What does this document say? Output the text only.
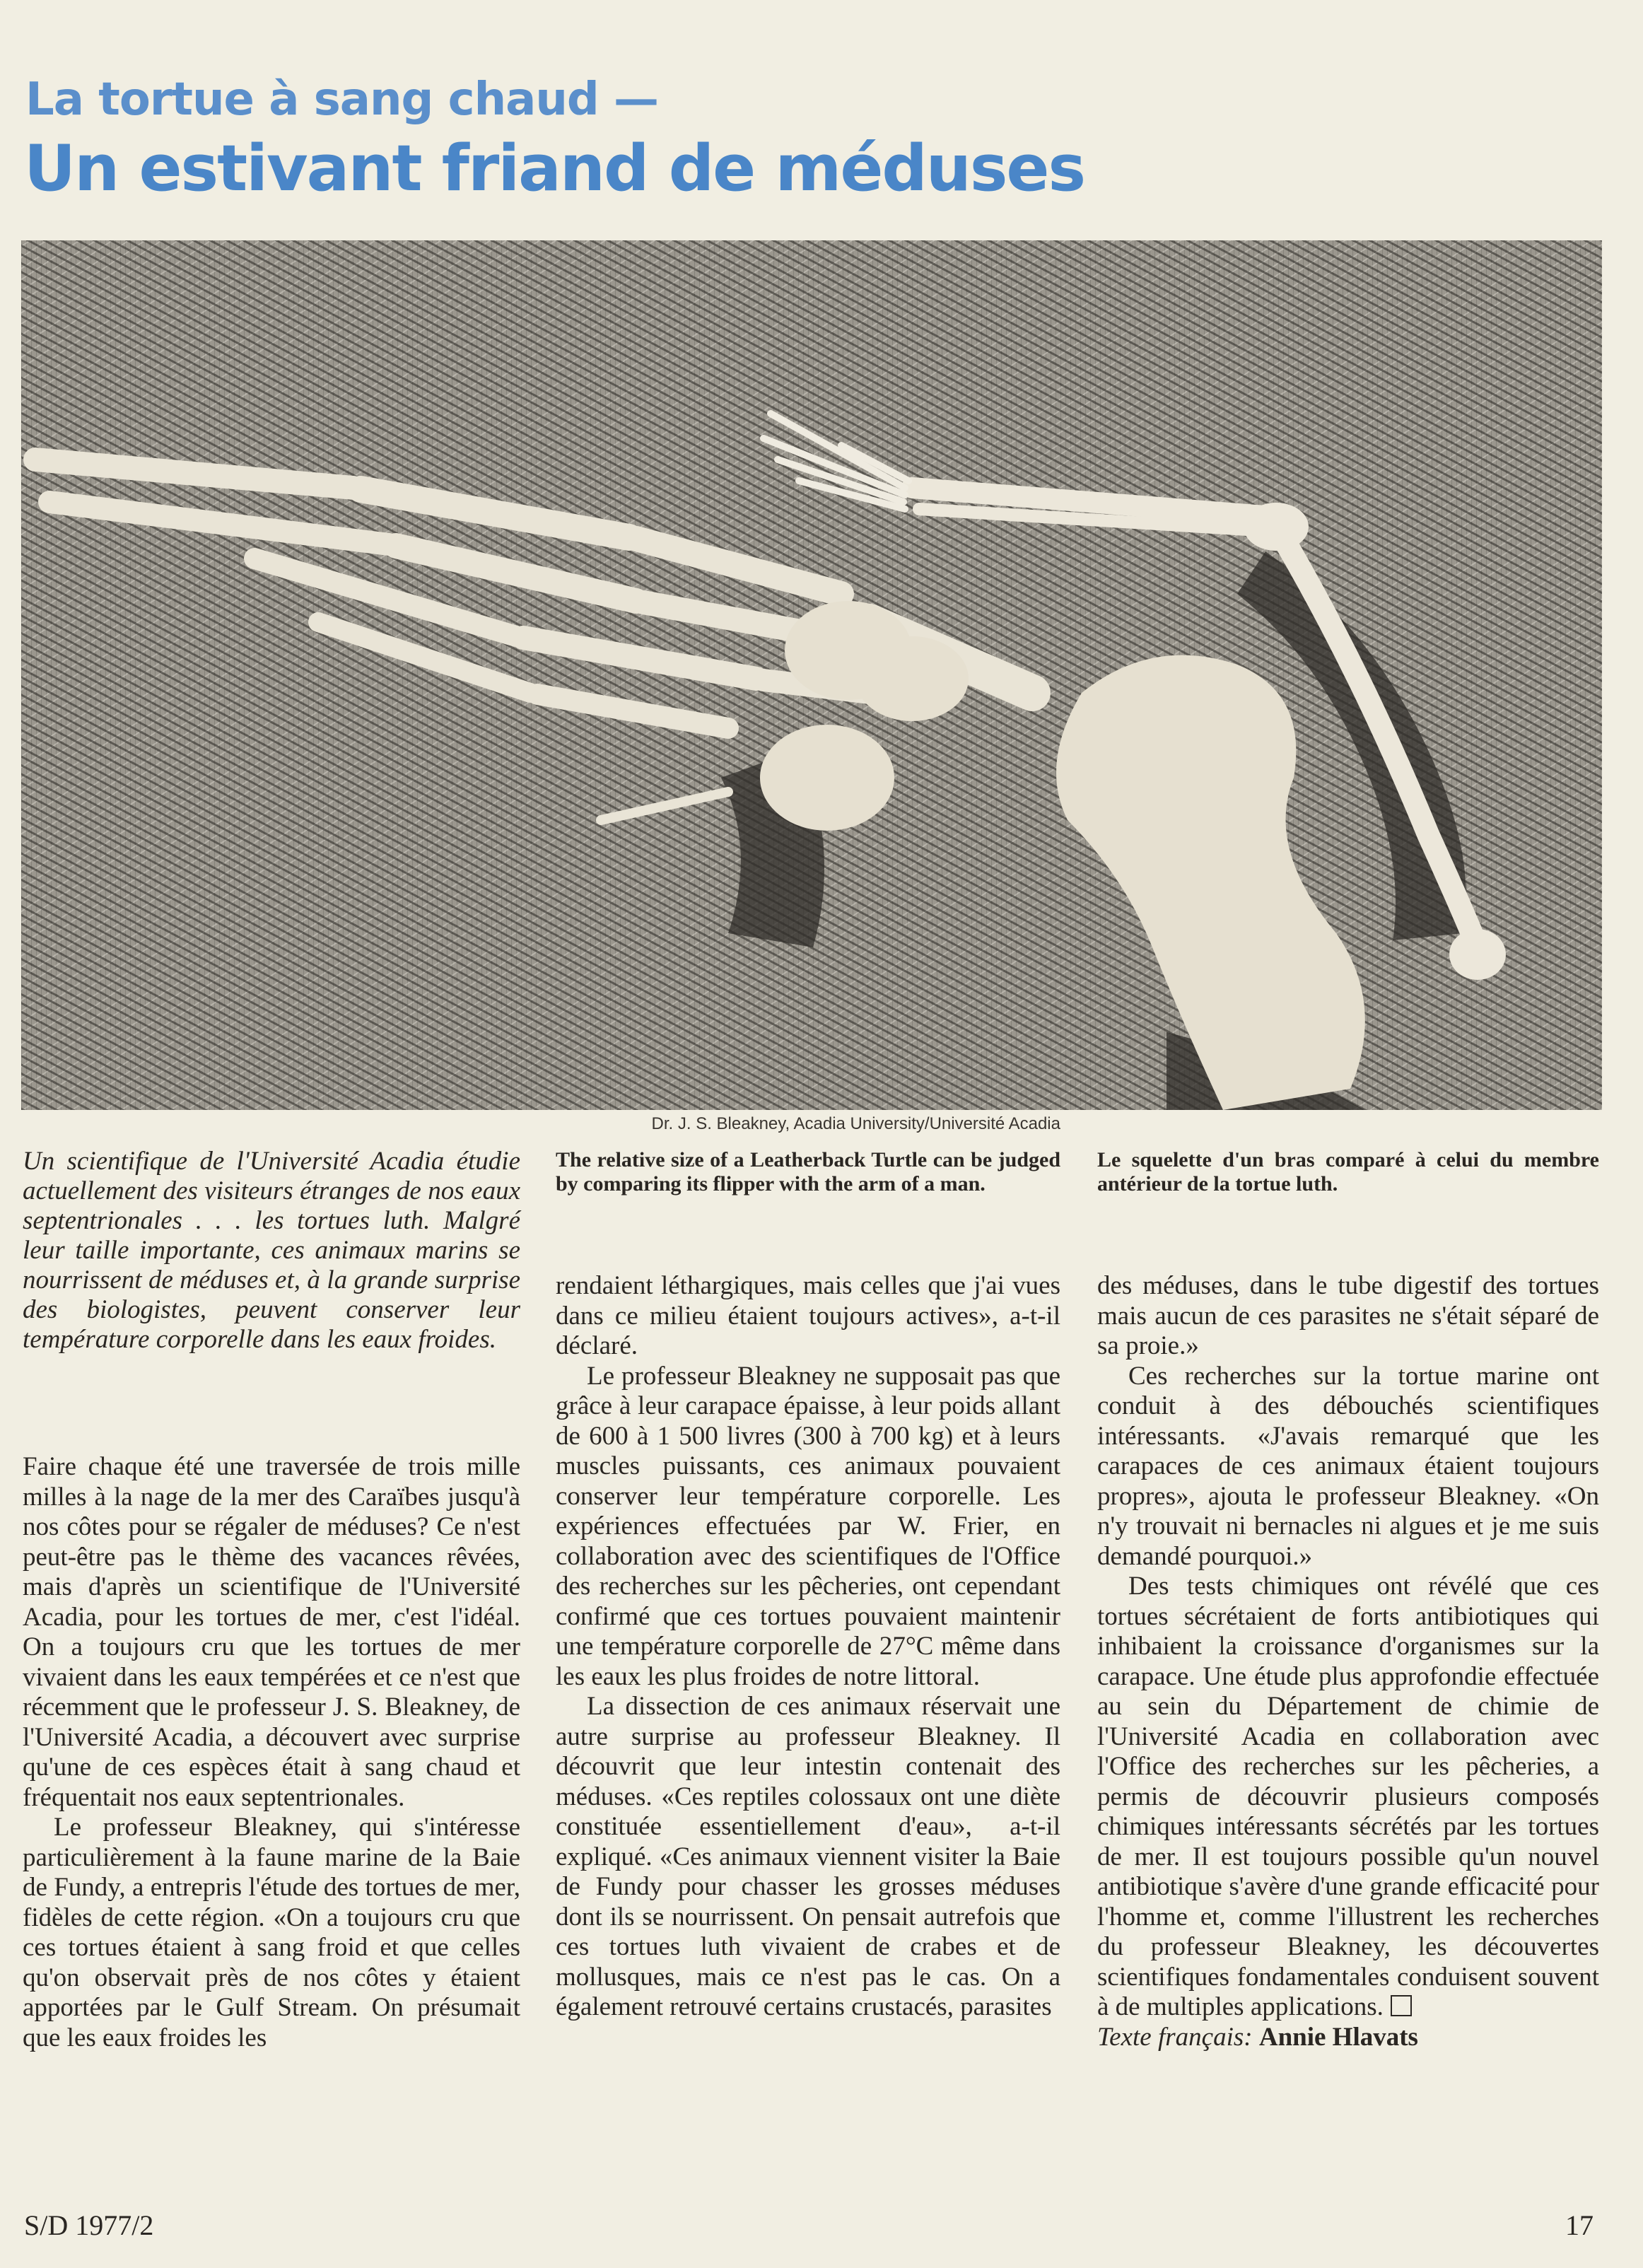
La tortue à sang chaud —
Un estivant friand de méduses
Dr. J. S. Bleakney, Acadia University/Université Acadia

The relative size of a Leatherback Turtle can be judged by comparing its flipper with the arm of a man.

Le squelette d'un bras comparé à celui du membre antérieur de la tortue luth.

Un scientifique de l'Université Acadia étudie actuellement des visiteurs étranges de nos eaux septentrionales . . . les tortues luth. Malgré leur taille importante, ces animaux marins se nourrissent de méduses et, à la grande surprise des biologistes, peuvent conserver leur température corporelle dans les eaux froides.

Faire chaque été une traversée de trois mille milles à la nage de la mer des Caraïbes jusqu'à nos côtes pour se régaler de méduses? Ce n'est peut-être pas le thème des vacances rêvées, mais d'après un scientifique de l'Université Acadia, pour les tortues de mer, c'est l'idéal. On a toujours cru que les tortues de mer vivaient dans les eaux tempérées et ce n'est que récemment que le professeur J. S. Bleakney, de l'Université Acadia, a découvert avec surprise qu'une de ces espèces était à sang chaud et fréquentait nos eaux septentrionales.

Le professeur Bleakney, qui s'intéresse particulièrement à la faune marine de la Baie de Fundy, a entrepris l'étude des tortues de mer, fidèles de cette région. «On a toujours cru que ces tortues étaient à sang froid et que celles qu'on observait près de nos côtes y étaient apportées par le Gulf Stream. On présumait que les eaux froides les

rendaient léthargiques, mais celles que j'ai vues dans ce milieu étaient toujours actives», a-t-il déclaré.

Le professeur Bleakney ne supposait pas que grâce à leur carapace épaisse, à leur poids allant de 600 à 1 500 livres (300 à 700 kg) et à leurs muscles puissants, ces animaux pouvaient conserver leur température corporelle. Les expériences effectuées par W. Frier, en collaboration avec des scientifiques de l'Office des recherches sur les pêcheries, ont cependant confirmé que ces tortues pouvaient maintenir une température corporelle de 27°C même dans les eaux les plus froides de notre littoral.

La dissection de ces animaux réservait une autre surprise au professeur Bleakney. Il découvrit que leur intestin contenait des méduses. «Ces reptiles colossaux ont une diète constituée essentiellement d'eau», a-t-il expliqué. «Ces animaux viennent visiter la Baie de Fundy pour chasser les grosses méduses dont ils se nourrissent. On pensait autrefois que ces tortues luth vivaient de crabes et de mollusques, mais ce n'est pas le cas. On a également retrouvé certains crustacés, parasites

des méduses, dans le tube digestif des tortues mais aucun de ces parasites ne s'était séparé de sa proie.»

Ces recherches sur la tortue marine ont conduit à des débouchés scientifiques intéressants. «J'avais remarqué que les carapaces de ces animaux étaient toujours propres», ajouta le professeur Bleakney. «On n'y trouvait ni bernacles ni algues et je me suis demandé pourquoi.»

Des tests chimiques ont révélé que ces tortues sécrétaient de forts antibiotiques qui inhibaient la croissance d'organismes sur la carapace. Une étude plus approfondie effectuée au sein du Département de chimie de l'Université Acadia en collaboration avec l'Office des recherches sur les pêcheries, a permis de découvrir plusieurs composés chimiques intéressants sécrétés par les tortues de mer. Il est toujours possible qu'un nouvel antibiotique s'avère d'une grande efficacité pour l'homme et, comme l'illustrent les recherches du professeur Bleakney, les découvertes scientifiques fondamentales conduisent souvent à de multiples applications.

Texte français: Annie Hlavats

S/D 1977/2	17
